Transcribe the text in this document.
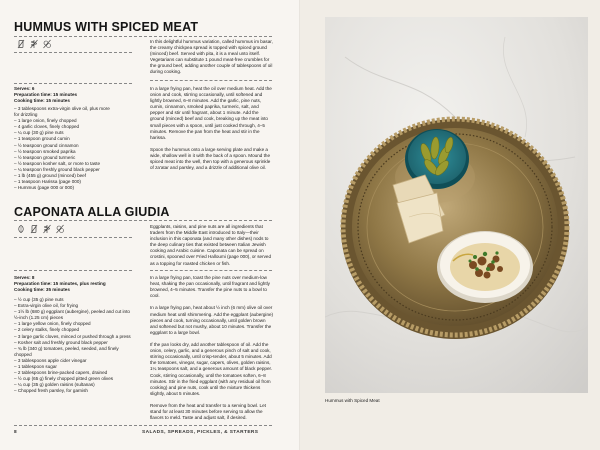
HUMMUS WITH SPICED MEAT
In this delightful hummus variation, called hummus im basar, the creamy chickpea spread is topped with spiced ground (minced) beef. Served with pita, it is a meal unto itself. Vegetarians can substitute 1 pound meat-free crumbles for the ground beef, adding another couple of tablespoons of oil during cooking.
Serves: 6
Preparation time: 15 minutes
Cooking time: 15 minutes
– 3 tablespoons extra-virgin olive oil, plus more
for drizzling
– 1 large onion, finely chopped
– 4 garlic cloves, finely chopped
– ¼ cup (30 g) pine nuts
– 1 teaspoon ground cumin
– ½ teaspoon ground cinnamon
– ½ teaspoon smoked paprika
– ½ teaspoon ground turmeric
– ½ teaspoon kosher salt, or more to taste
– ¼ teaspoon freshly ground black pepper
– 1 lb (455 g) ground (minced) beef
– 1 teaspoon Harissa (page 000)
– Hummus (page 000 or 000)
In a large frying pan, heat the oil over medium heat. Add the onion and cook, stirring occasionally, until softened and lightly browned, 6–8 minutes. Add the garlic, pine nuts, cumin, cinnamon, smoked paprika, turmeric, salt, and pepper and stir until fragrant, about 1 minute. Add the ground (minced) beef and cook, breaking up the meat into small pieces with a spoon, until just cooked through, 4–5 minutes. Remove the pan from the heat and stir in the harissa.

Spoon the hummus onto a large serving plate and make a wide, shallow well in it with the back of a spoon. Mound the spiced meat into the well, then top with a generous sprinkle of za'atar and parsley, and a drizzle of additional olive oil.
CAPONATA ALLA GIUDIA
Eggplants, raisins, and pine nuts are all ingredients that traders from the Middle East introduced to Italy—their inclusion in this caponata (and many other dishes) nods to the deep culinary ties that existed between Italian Jewish cooking and Arabic cuisine. Caponata can be spread on crostini, spooned over Fried Halloumi (page 000), or served as a topping for roasted chicken or fish.
Serves: 8
Preparation time: 15 minutes, plus resting
Cooking time: 35 minutes
– ½ cup (35 g) pine nuts
– Extra-virgin olive oil, for frying
– 1½ lb (680 g) eggplant (aubergine), peeled and cut into
½-inch (1.25 cm) pieces
– 1 large yellow onion, finely chopped
– 2 celery stalks, finely chopped
– 3 large garlic cloves, minced or pushed through a press
– Kosher salt and freshly ground black pepper
– ¾ lb (340 g) tomatoes, peeled, seeded, and finely
chopped
– 3 tablespoons apple cider vinegar
– 1 tablespoon sugar
– 2 tablespoons brine-packed capers, drained
– ½ cup (65 g) finely chopped pitted green olives
– ¼ cup (35 g) golden raisins (sultanas)
– Chopped fresh parsley, for garnish
In a large frying pan, toast the pine nuts over medium-low heat, shaking the pan occasionally, until fragrant and lightly browned, 4–5 minutes. Transfer the pine nuts to a bowl to cool.

In a large frying pan, heat about ½ inch (6 mm) olive oil over medium heat until shimmering. Add the eggplant (aubergine) pieces and cook, turning occasionally, until golden brown and softened but not mushy, about 10 minutes. Transfer the eggplant to a large bowl.

If the pan looks dry, add another tablespoon of oil. Add the onion, celery, garlic, and a generous pinch of salt and cook, stirring occasionally, until crisp-tender, about 5 minutes. Add the tomatoes, vinegar, sugar, capers, olives, golden raisins, 1¼ teaspoons salt, and a generous amount of black pepper. Cook, stirring occasionally, until the tomatoes soften, 6–8 minutes. Stir in the fried eggplant (with any residual oil from cooking) and pine nuts, cook until the mixture thickens slightly, about 5 minutes.

Remove from the heat and transfer to a serving bowl. Let stand for at least 30 minutes before serving to allow the flavors to meld. Taste and adjust salt, if desired.
8	SALADS, SPREADS, PICKLES, & STARTERS
Hummus with Spiced Meat
